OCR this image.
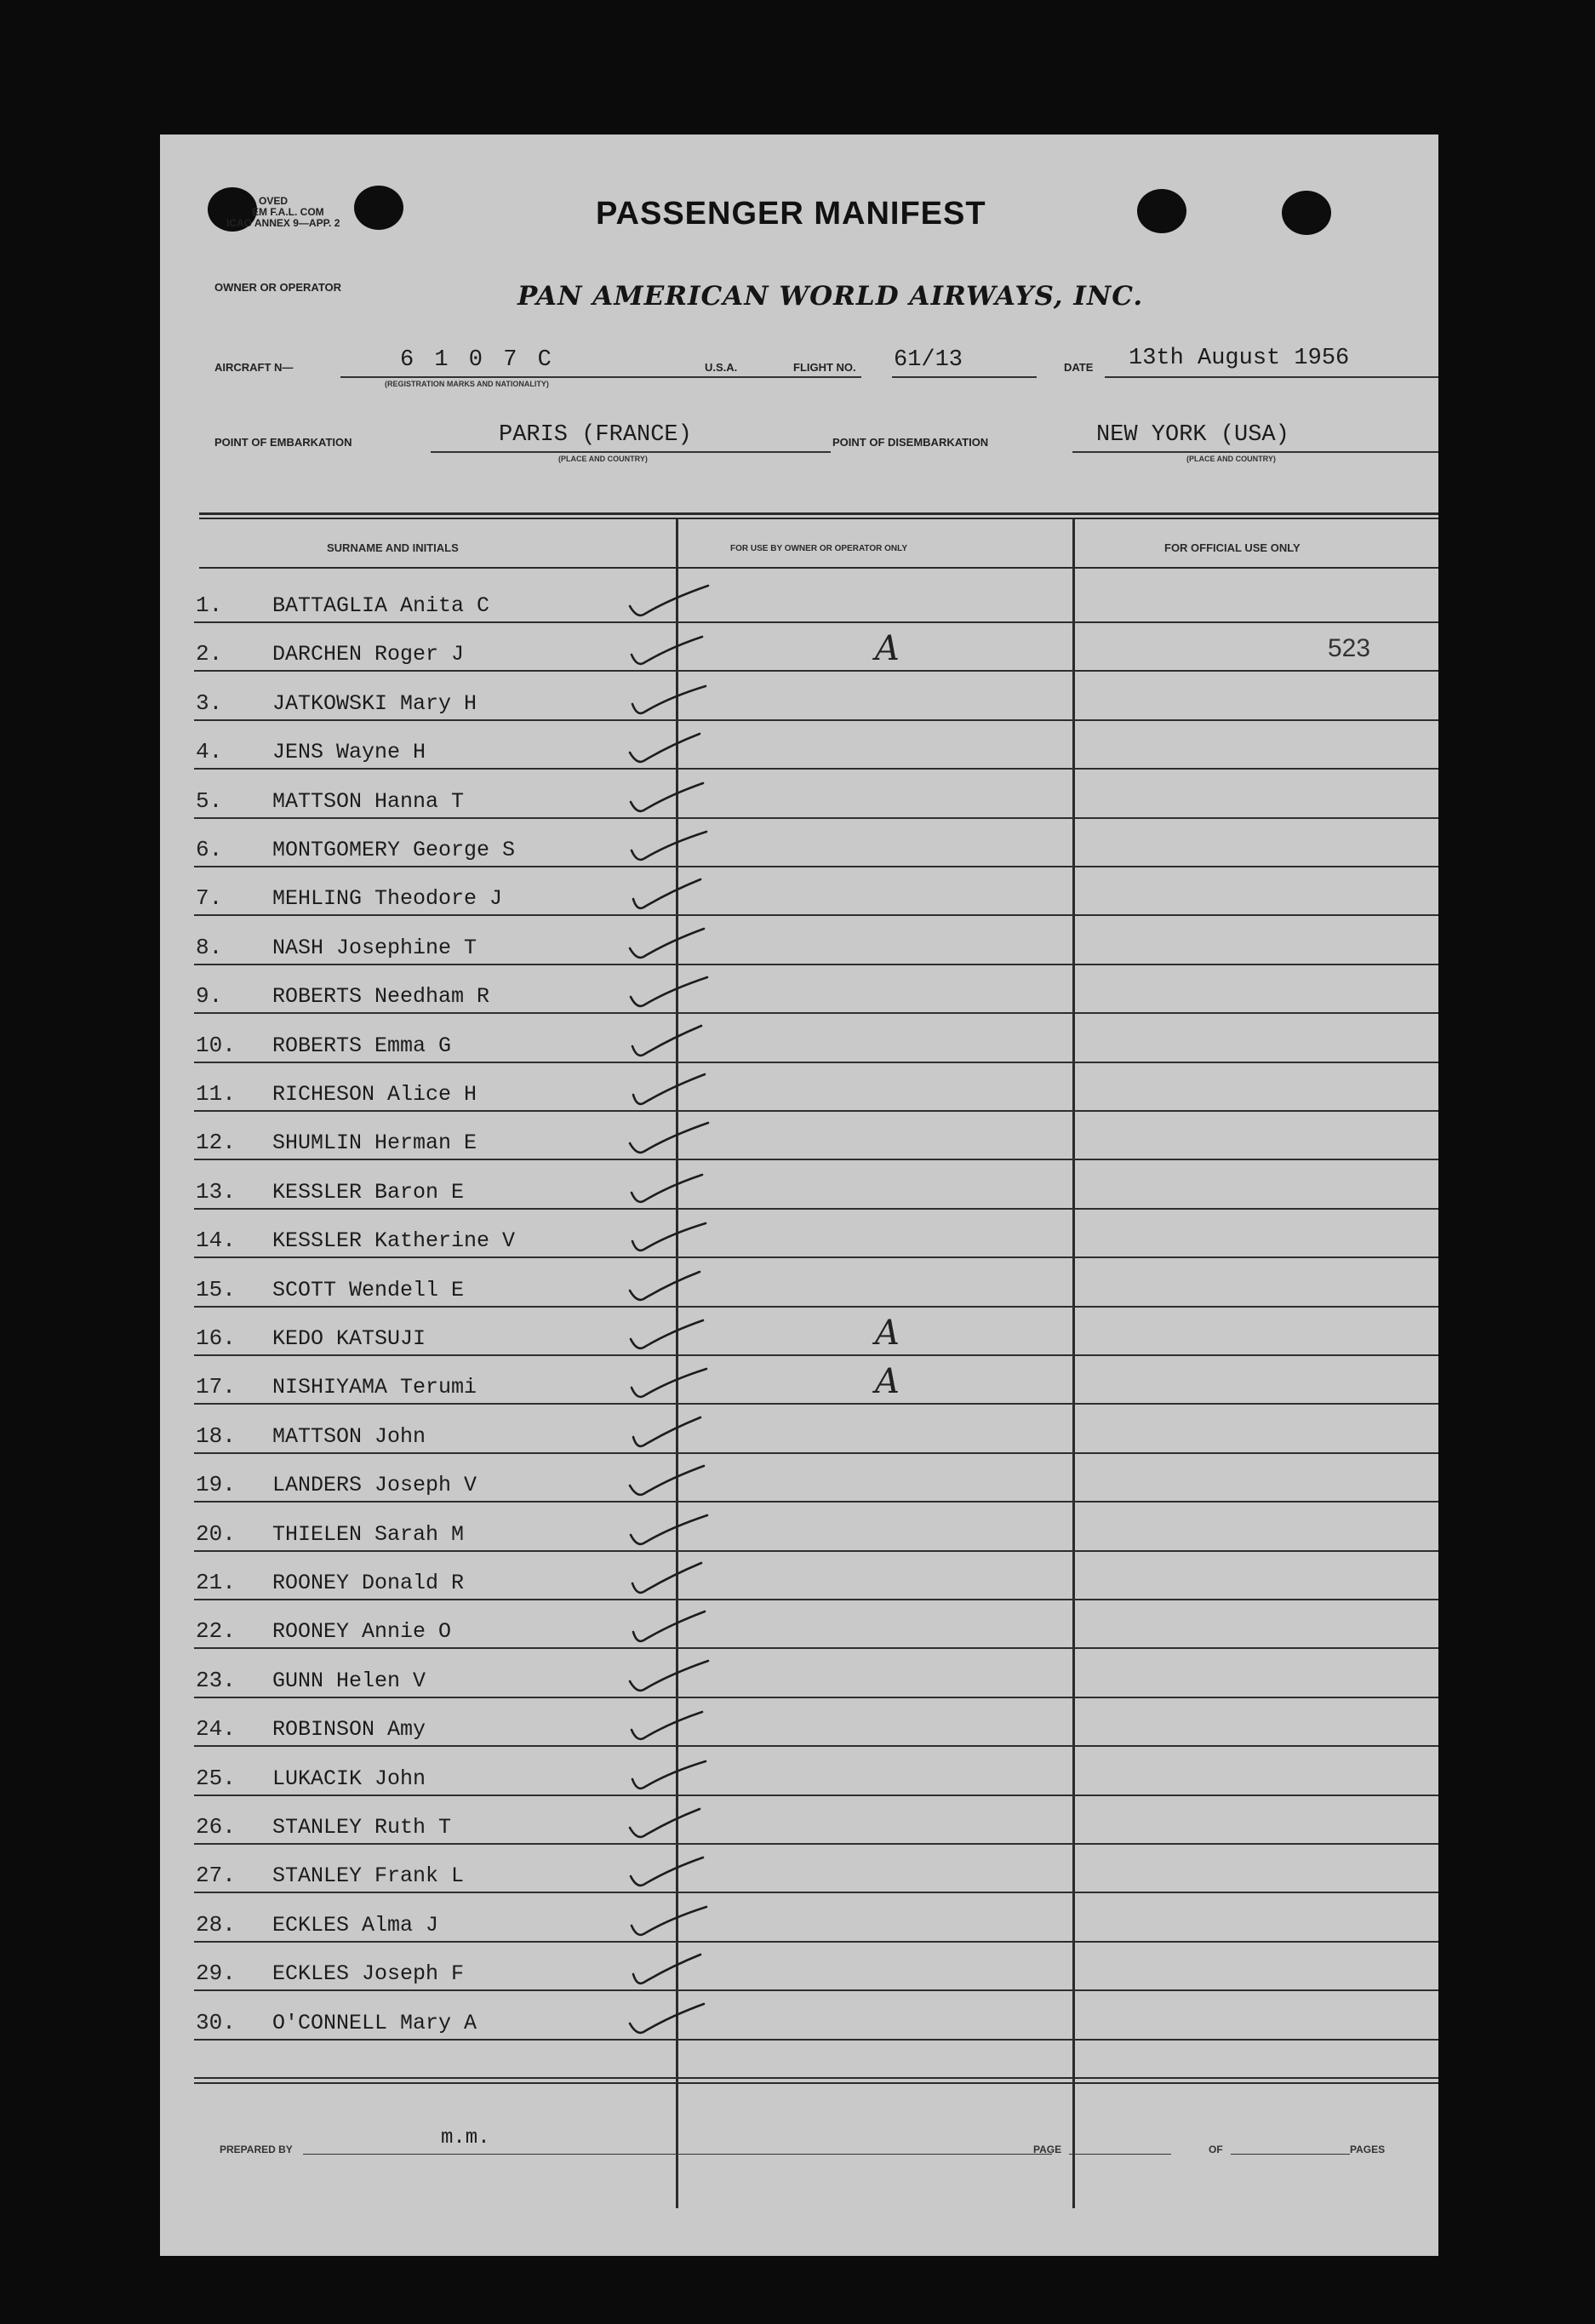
OVED
EM F.A.L. COM
ICAO ANNEX 9—APP. 2	PASSENGER MANIFEST
OWNER OR OPERATOR	PAN AMERICAN WORLD AIRWAYS, INC.
AIRCRAFT N—	6 1 0 7 C
(REGISTRATION MARKS AND NATIONALITY)
U.S.A.	FLIGHT NO. 61/13	DATE 13th August 1956
POINT OF EMBARKATION	PARIS (FRANCE)
(PLACE AND COUNTRY)
POINT OF DISEMBARKATION	NEW YORK (USA)
(PLACE AND COUNTRY)
SURNAME AND INITIALS	FOR USE BY OWNER OR OPERATOR ONLY	FOR OFFICIAL USE ONLY
1.	BATTAGLIA Anita C
2.	DARCHEN Roger J	A	523
3.	JATKOWSKI Mary H
4.	JENS Wayne H
5.	MATTSON Hanna T
6.	MONTGOMERY George S
7.	MEHLING Theodore J
8.	NASH Josephine T
9.	ROBERTS Needham R
10. ROBERTS Emma G
11. RICHESON Alice H
12. SHUMLIN Herman E
13. KESSLER Baron E
14. KESSLER Katherine V
15. SCOTT Wendell E
16. KEDO KATSUJI	A
17. NISHIYAMA Terumi	A
18. MATTSON John
19. LANDERS Joseph V
20. THIELEN Sarah M
21. ROONEY Donald R
22. ROONEY Annie O
23. GUNN Helen V
24. ROBINSON Amy
25. LUKACIK John
26. STANLEY Ruth T
27. STANLEY Frank L
28. ECKLES Alma J
29. ECKLES Joseph F
30. O'CONNELL Mary A
PREPARED BY	m.m.	PAGE	OF	PAGES
